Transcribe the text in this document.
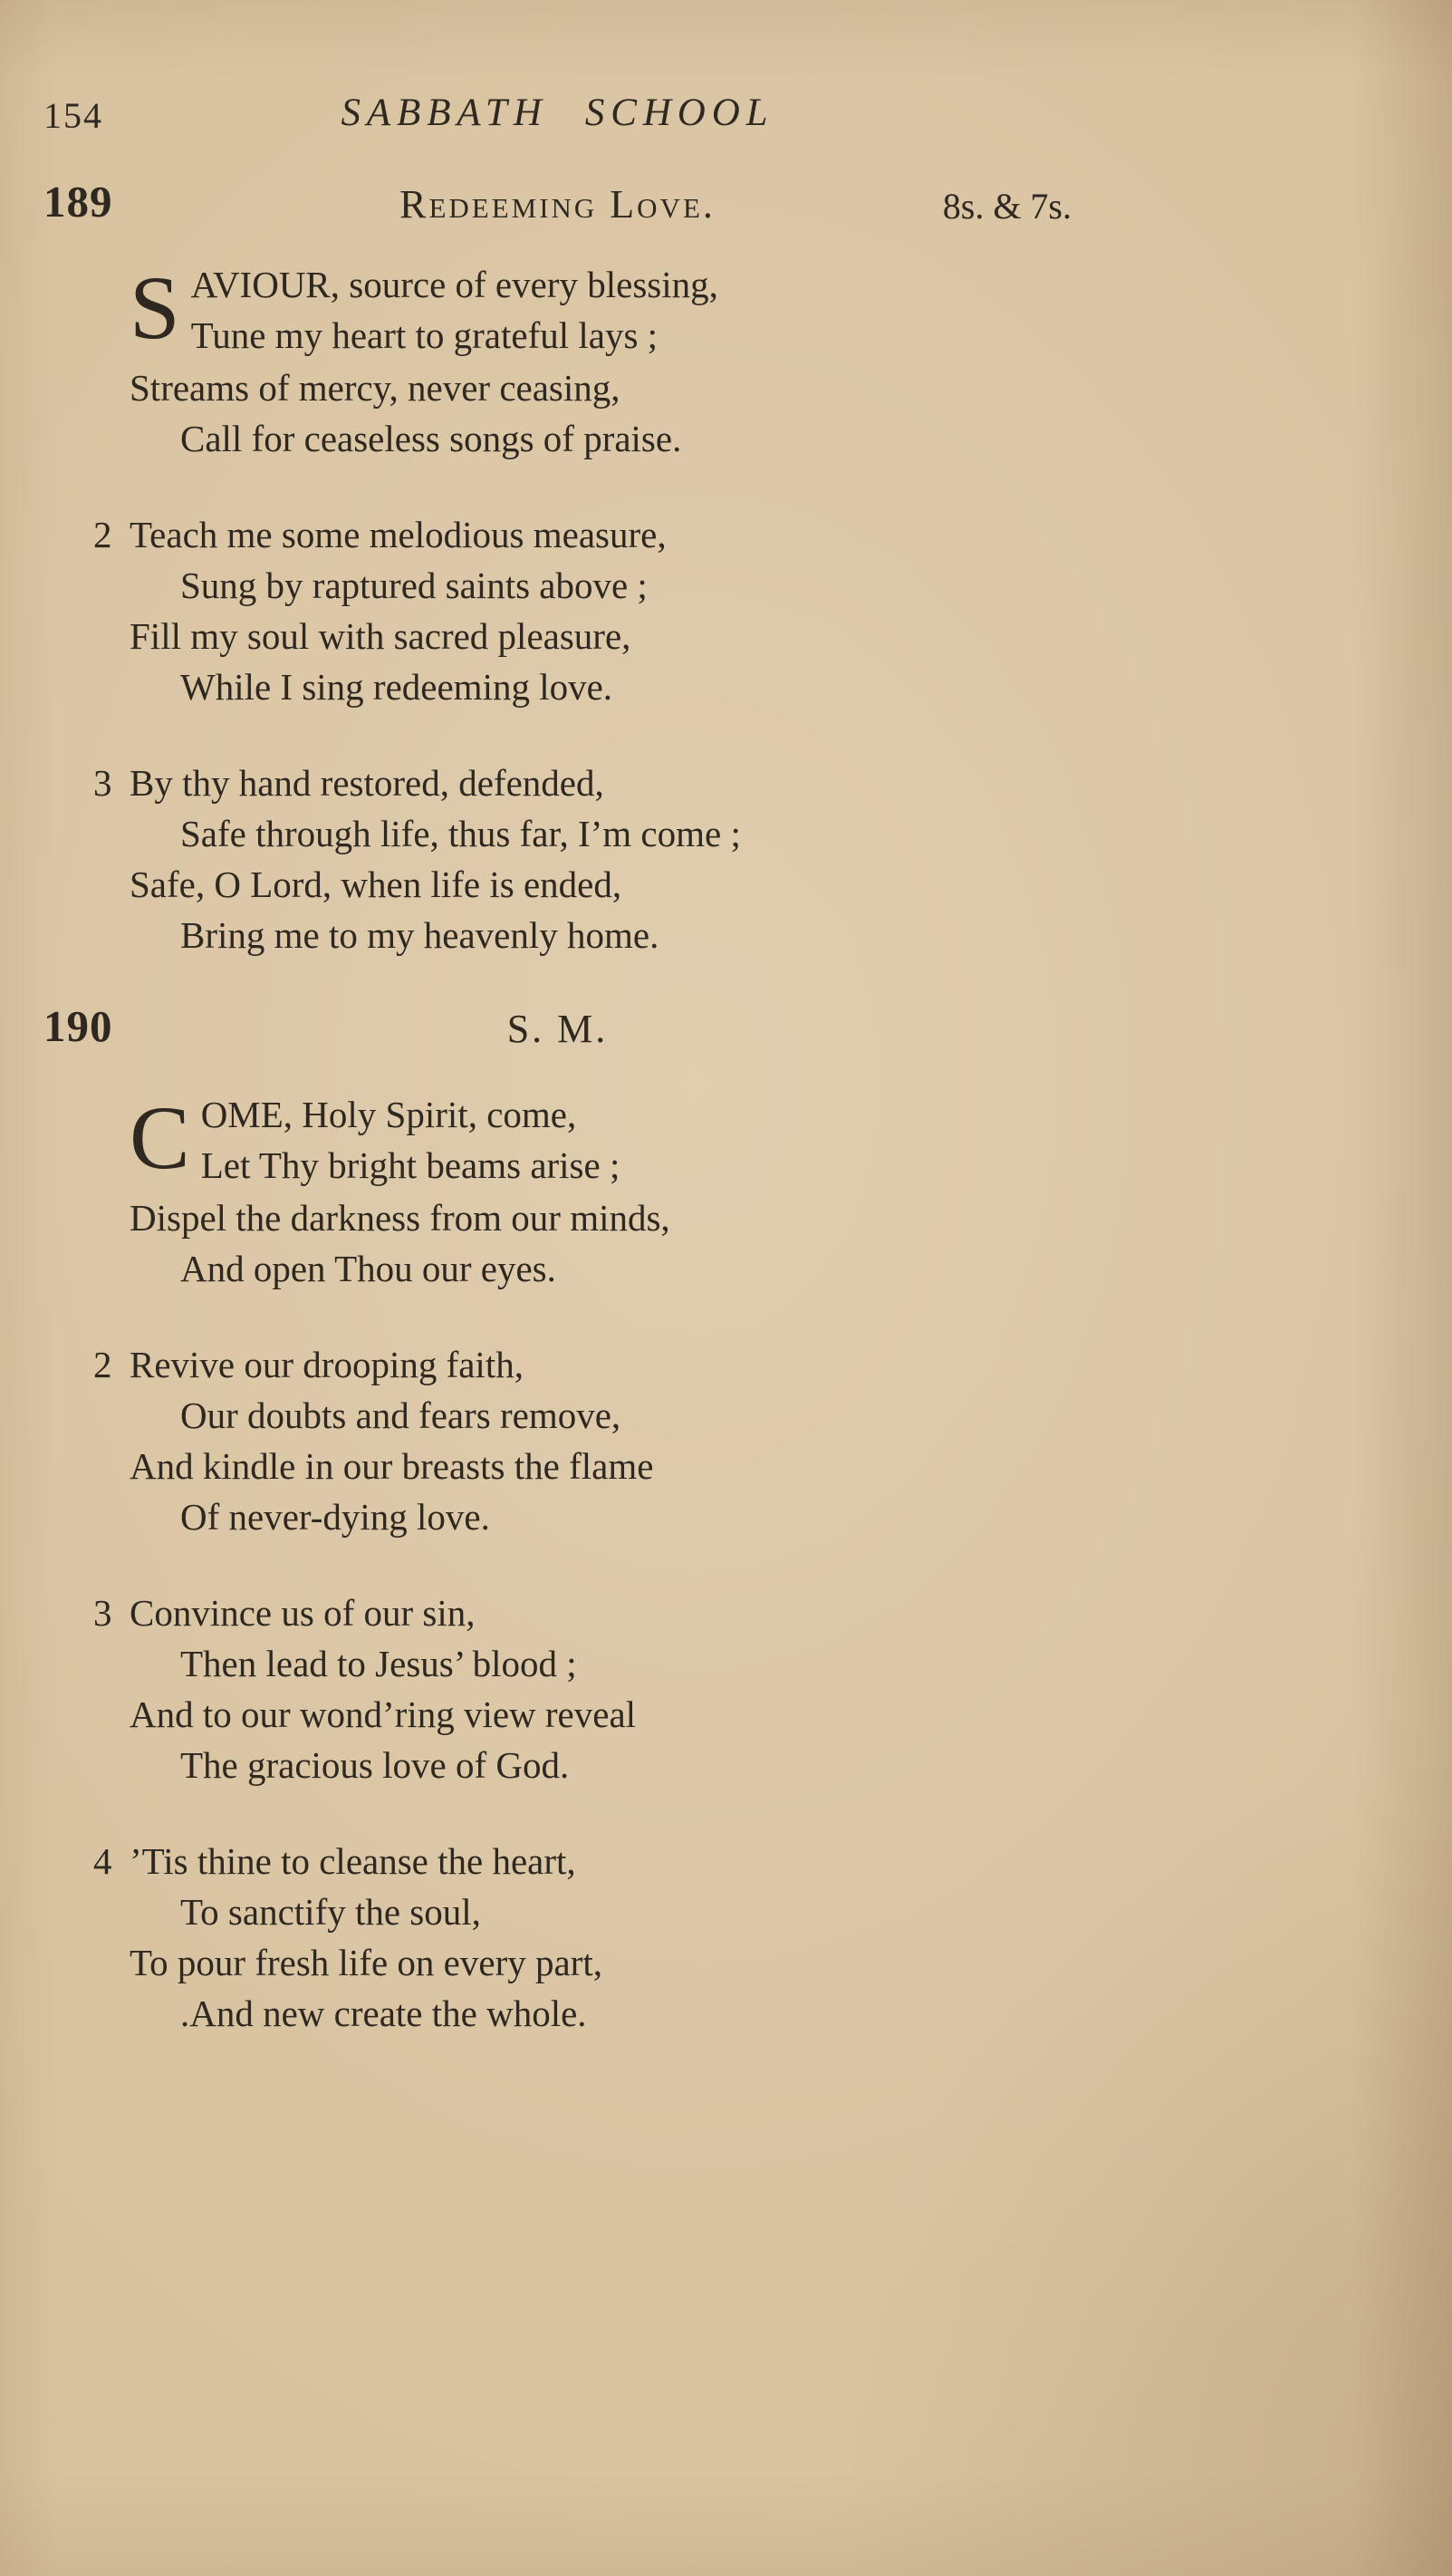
154	SABBATH SCHOOL
189	Redeeming Love.	8s. & 7s.
S AVIOUR, source of every blessing,
Tune my heart to grateful lays ;
Streams of mercy, never ceasing,
Call for ceaseless songs of praise.
2 Teach me some melodious measure,
Sung by raptured saints above ;
Fill my soul with sacred pleasure,
While I sing redeeming love.
3 By thy hand restored, defended,
Safe through life, thus far, I’m come ;
Safe, O Lord, when life is ended,
Bring me to my heavenly home.
190	S. M.
C OME, Holy Spirit, come,
Let Thy bright beams arise ;
Dispel the darkness from our minds,
And open Thou our eyes.
2 Revive our drooping faith,
Our doubts and fears remove,
And kindle in our breasts the flame
Of never-dying love.
3 Convince us of our sin,
Then lead to Jesus’ blood ;
And to our wond’ring view reveal
The gracious love of God.
4 ’Tis thine to cleanse the heart,
To sanctify the soul,
To pour fresh life on every part,
.And new create the whole.
